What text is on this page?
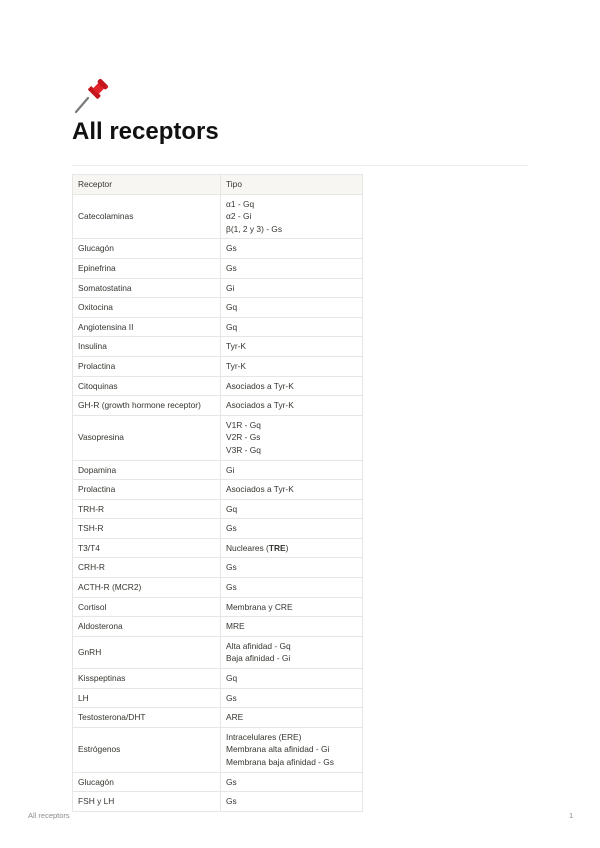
All receptors
Receptor	Tipo
Catecolaminas	α1 - Gq
α2 - Gi
β(1, 2 y 3) - Gs

Glucagón	Gs

Epinefrina	Gs

Somatostatina	Gi

Oxitocina	Gq

Angiotensina II	Gq

Insulina	Tyr-K

Prolactina	Tyr-K

Citoquinas	Asociados a Tyr-K

GH-R (growth hormone receptor)	Asociados a Tyr-K

Vasopresina	V1R - Gq
V2R - Gs
V3R - Gq

Dopamina	Gi

Prolactina	Asociados a Tyr-K

TRH-R	Gq

TSH-R	Gs

T3/T4	Nucleares (TRE)
CRH-R	Gs

ACTH-R (MCR2)	Gs

Cortisol	Membrana y CRE

Aldosterona	MRE

GnRH	Alta afinidad - Gq
Baja afinidad - Gi

Kisspeptinas	Gq

LH	Gs

Testosterona/DHT	ARE

Estrógenos	Intracelulares (ERE)
Membrana alta afinidad - Gi
Membrana baja afinidad - Gs

Glucagón	Gs

FSH y LH	Gs
All receptors	1
